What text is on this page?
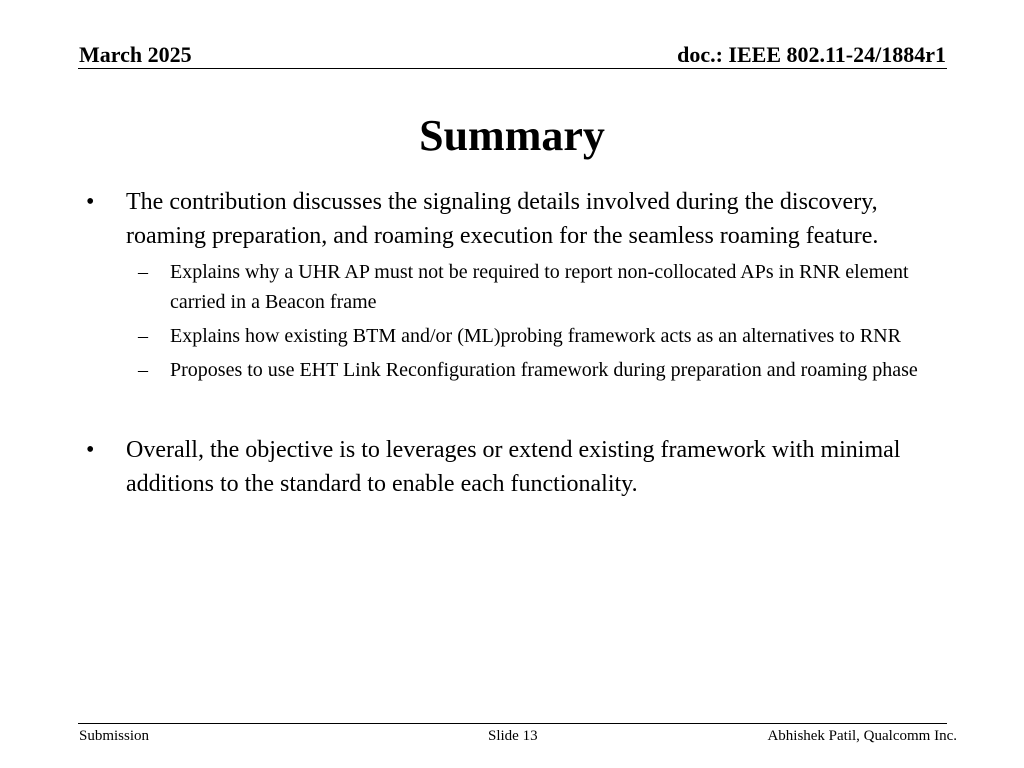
March 2025	doc.: IEEE 802.11-24/1884r1
Summary
•	The contribution discusses the signaling details involved during the discovery, roaming preparation, and roaming execution for the seamless roaming feature.
–	Explains why a UHR AP must not be required to report non-collocated APs in RNR element carried in a Beacon frame
–	Explains how existing BTM and/or (ML)probing framework acts as an alternatives to RNR
–	Proposes to use EHT Link Reconfiguration framework during preparation and roaming phase
•	Overall, the objective is to leverages or extend existing framework with minimal additions to the standard to enable each functionality.
Submission	Slide 13	Abhishek Patil, Qualcomm Inc.
